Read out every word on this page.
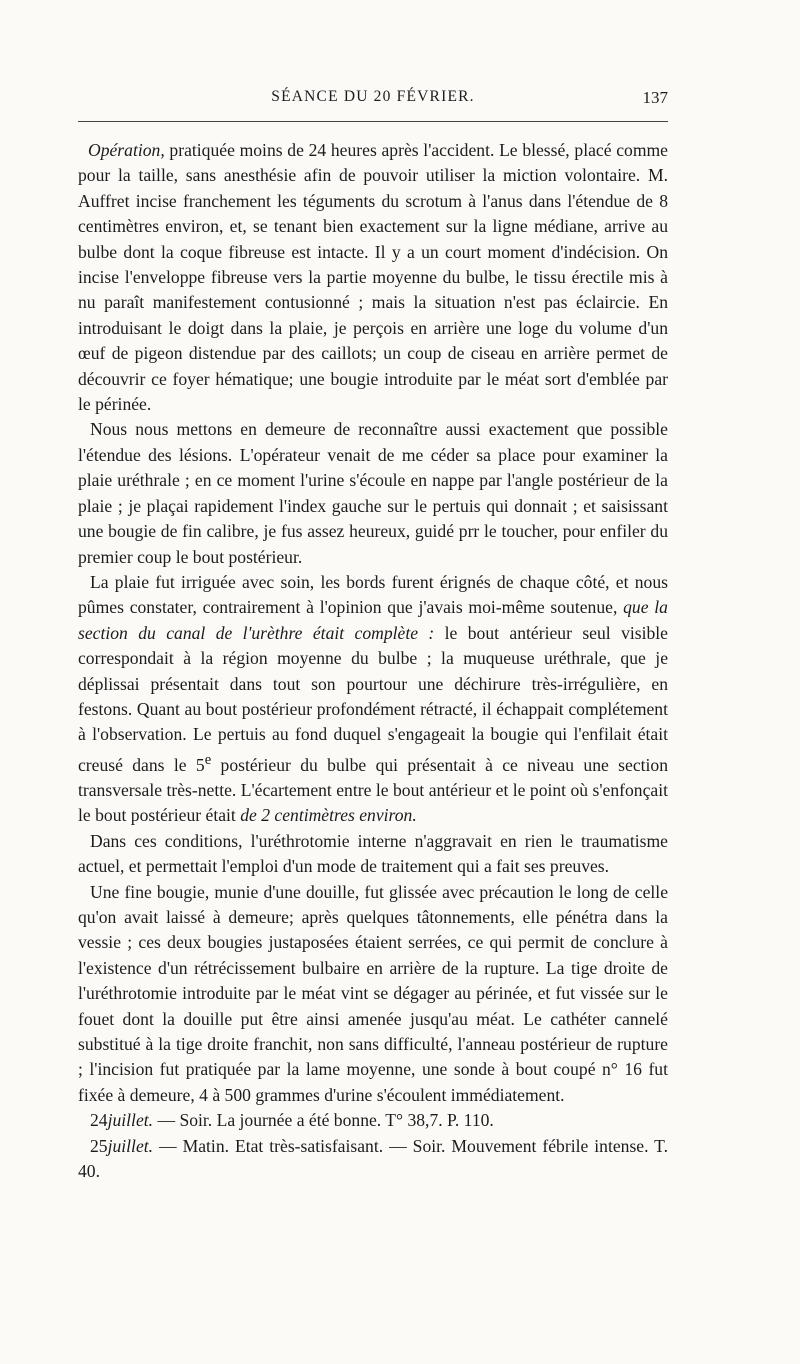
SÉANCE DU 20 FÉVRIER.	137

Opération, pratiquée moins de 24 heures après l'accident. Le blessé, placé comme pour la taille, sans anesthésie afin de pouvoir utiliser la miction volontaire. M. Auffret incise franchement les téguments du scrotum à l'anus dans l'étendue de 8 centimètres environ, et, se tenant bien exactement sur la ligne médiane, arrive au bulbe dont la coque fibreuse est intacte. Il y a un court moment d'indécision. On incise l'enveloppe fibreuse vers la partie moyenne du bulbe, le tissu érectile mis à nu paraît manifestement contusionné ; mais la situation n'est pas éclaircie. En introduisant le doigt dans la plaie, je perçois en arrière une loge du volume d'un œuf de pigeon distendue par des caillots; un coup de ciseau en arrière permet de découvrir ce foyer hématique; une bougie introduite par le méat sort d'emblée par le périnée.

Nous nous mettons en demeure de reconnaître aussi exactement que possible l'étendue des lésions. L'opérateur venait de me céder sa place pour examiner la plaie uréthrale ; en ce moment l'urine s'écoule en nappe par l'angle postérieur de la plaie ; je plaçai rapidement l'index gauche sur le pertuis qui donnait ; et saisissant une bougie de fin calibre, je fus assez heureux, guidé prr le toucher, pour enfiler du premier coup le bout postérieur.

La plaie fut irriguée avec soin, les bords furent érignés de chaque côté, et nous pûmes constater, contrairement à l'opinion que j'avais moi-même soutenue, que la section du canal de l'urèthre était complète : le bout antérieur seul visible correspondait à la région moyenne du bulbe ; la muqueuse uréthrale, que je déplissai présentait dans tout son pourtour une déchirure très-irrégulière, en festons. Quant au bout postérieur profondément rétracté, il échappait complétement à l'observation. Le pertuis au fond duquel s'engageait la bougie qui l'enfilait était creusé dans le 5e postérieur du bulbe qui présentait à ce niveau une section transversale très-nette. L'écartement entre le bout antérieur et le point où s'enfonçait le bout postérieur était de 2 centimètres environ.

Dans ces conditions, l'uréthrotomie interne n'aggravait en rien le traumatisme actuel, et permettait l'emploi d'un mode de traitement qui a fait ses preuves.

Une fine bougie, munie d'une douille, fut glissée avec précaution le long de celle qu'on avait laissé à demeure; après quelques tâtonnements, elle pénétra dans la vessie ; ces deux bougies justaposées étaient serrées, ce qui permit de conclure à l'existence d'un rétrécissement bulbaire en arrière de la rupture. La tige droite de l'uréthrotomie introduite par le méat vint se dégager au périnée, et fut vissée sur le fouet dont la douille put être ainsi amenée jusqu'au méat. Le cathéter cannelé substitué à la tige droite franchit, non sans difficulté, l'anneau postérieur de rupture ; l'incision fut pratiquée par la lame moyenne, une sonde à bout coupé n° 16 fut fixée à demeure, 4 à 500 grammes d'urine s'écoulent immédiatement.

24juillet. — Soir. La journée a été bonne. T° 38,7. P. 110.

25juillet. — Matin. Etat très-satisfaisant. — Soir. Mouvement fébrile intense. T. 40.
